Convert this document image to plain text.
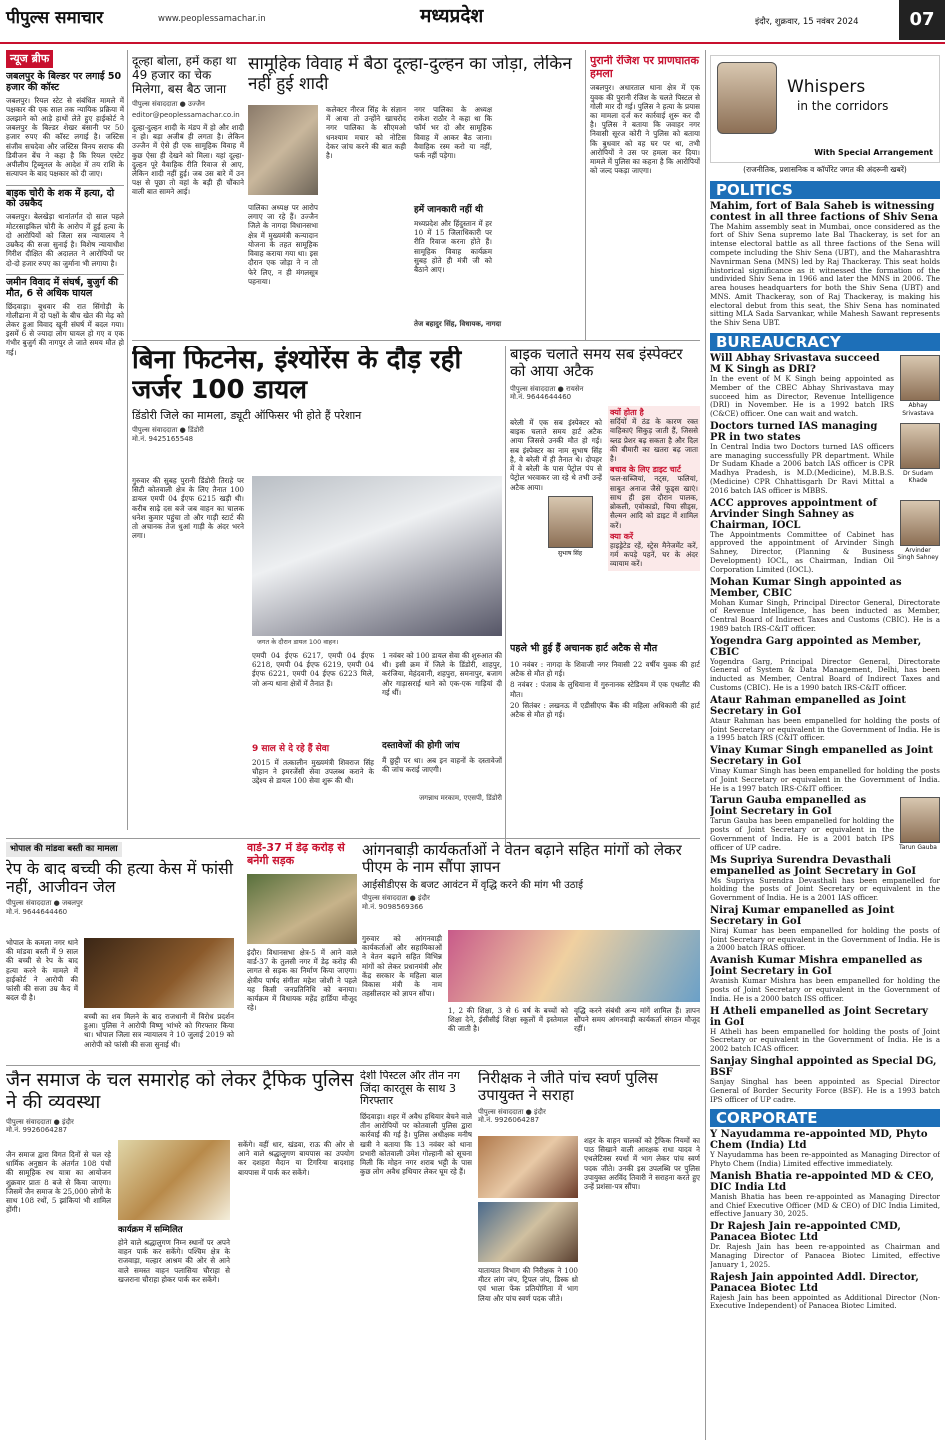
पीपुल्स समाचार	www.peoplessamachar.in	मध्यप्रदेश	इंदौर, शुक्रवार, 15 नवंबर 2024	07
न्यूज ब्रीफ
जबलपुर के बिल्डर पर लगाई 50 हजार की कॉस्ट
जबलपुर। रियल स्टेट से संबंधित मामले में पक्षकार की एक साल तक न्यायिक प्रक्रिया में उलझाने को आड़े हाथों लेते हुए हाईकोर्ट ने जबलपुर के बिल्डर शेखर बंसानी पर 50 हजार रुपए की कॉस्ट लगाई है। जस्टिस संजीव सचदेवा और जस्टिस विनय सराफ की डिवीजन बेंच ने कहा है कि रियल एस्टेट अपीलीय ट्रिब्यूनल के आदेश में तय राशि के सत्यापन के बाद पक्षकार को दी जाए।
बाइक चोरी के शक में हत्या, दो को उम्रकैद
जबलपुर। बेलखेड़ा थानांतर्गत दो साल पहले मोटरसाइकिल चोरी के आरोप में हुई हत्या के दो आरोपियों को जिला सत्र न्यायालय ने उम्रकैद की सजा सुनाई है। विशेष न्यायाधीश गिरीश दीक्षित की अदालत ने आरोपियों पर दो-दो हजार रुपए का जुर्माना भी लगाया है।
जमीन विवाद में संघर्ष, बुजुर्ग की मौत, 6 से अधिक घायल
छिंदवाड़ा। बुधवार की रात सिंगोड़ी के गोलीढाना में दो पक्षों के बीच खेत की मेढ़ को लेकर हुआ विवाद खूनी संघर्ष में बदल गया। इसमें 6 से ज्यादा लोग घायल हो गए व एक गंभीर बुजुर्ग की नागपुर ले जाते समय मौत हो गई।
दूल्हा बोला, हमें कहा था 49 हजार का चेक मिलेगा, बस बैठ जाना
पीपुल्स संवाददाता ● उज्जैन
editor@peoplessamachar.co.in
दूल्हा-दुल्हन शादी के मंडप में हो और शादी न हो। बड़ा अजीब ही लगता है। लेकिन उज्जैन में ऐसे ही एक सामूहिक विवाह में कुछ ऐसा ही देखने को मिला। यहां दूल्हा-दुल्हन पूरे वैवाहिक रीति रिवाज से आए, लेकिन शादी नहीं हुई। जब उस बारे में उन पक्ष से पूछा तो वहां के बड़ी ही चौंकाने वाली बात सामने आई।
सामूहिक विवाह में बैठा दूल्हा-दुल्हन का जोड़ा, लेकिन नहीं हुई शादी
पालिका अध्यक्ष पर आरोप लगाए जा रहे हैं। उज्जैन जिले के नागदा विधानसभा क्षेत्र में मुख्यमंत्री कन्यादान योजना के तहत सामूहिक विवाह कराया गया था। इस दौरान एक जोड़ा ने न तो फेरे लिए, न ही मंगलसूत्र पहनाया।
कलेक्टर नीरज सिंह के संज्ञान में आया तो उन्होंने खाचरोद नगर पालिका के सीएमओ धनश्याम मचार को नोटिस देकर जांच करने की बात कही है।
नगर पालिका के अध्यक्ष राकेश राठौर ने कहा था कि फॉर्म भर दो और सामूहिक विवाह में आकर बैठ जाना। वैवाहिक रस्म करो या नहीं, फर्क नहीं पड़ेगा।
हमें जानकारी नहीं थी
मध्यप्रदेश और हिंदुस्तान में हर 10 में 15 जिलाधिकारी पर रीति रिवाज करना होते हैं। सामूहिक विवाह कार्यक्रम सुबह होते ही मंत्री जी को बैठाने आए।
तेज बहादुर सिंह, विधायक, नागदा
पुरानी रंजिश पर प्राणघातक हमला
जबलपुर। अधारताल थाना क्षेत्र में एक युवक की पुरानी रंजिश के चलते पिस्टल से गोली मार दी गई। पुलिस ने हत्या के प्रयास का मामला दर्ज कर कार्रवाई शुरू कर दी है। पुलिस ने बताया कि जवाहर नगर निवासी सूरज कोरी ने पुलिस को बताया कि बुधवार को वह घर पर था, तभी आरोपियों ने उस पर हमला कर दिया। मामले में पुलिस का कहना है कि आरोपियों को जल्द पकड़ा जाएगा।
बिना फिटनेस, इंश्योरेंस के दौड़ रही जर्जर 100 डायल
डिंडोरी जिले का मामला, ड्यूटी ऑफिसर भी होते हैं परेशान
पीपुल्स संवाददाता ● डिंडोरी
मो.नं. 9425165548
जगत के दौरान डायल 100 वाहन।
गुरुवार की सुबह पुरानी डिंडोरी तिराहे पर सिटी कोतवाली क्षेत्र के लिए तैनात 100 डायल एमपी 04 ईएफ 6215 खड़ी थी। करीब साढ़े दस बजे जब वाहन का चालक धनेश कुमार पहुंचा तो और गाड़ी स्टार्ट की तो अचानक तेज धुआं गाड़ी के अंदर भरने लगा।
एमपी 04 ईएफ 6217, एमपी 04 ईएफ 6218, एमपी 04 ईएफ 6219, एमपी 04 ईएफ 6221, एमपी 04 ईएफ 6223 मिले, जो अन्य थाना क्षेत्रों में तैनात हैं।
9 साल से दे रहे हैं सेवा
2015 में तत्कालीन मुख्यमंत्री शिवराज सिंह चौहान ने इमरजेंसी सेवा उपलब्ध कराने के उद्देश्य से डायल 100 सेवा शुरू की थी।
1 नवंबर को 100 डायल सेवा की शुरुआत की थी। इसी क्रम में जिले के डिंडोरी, शाहपुर, करंजिया, मेहंदवानी, शहपुरा, समनापुर, बजाग और गाड़ासराई थाने को एक-एक गाड़ियां दी गई थीं।
दस्तावेजों की होगी जांच
मैं छुट्टी पर था। अब इन वाहनों के दस्तावेजों की जांच कराई जाएगी।
जगन्नाथ मरकाम, एएसपी, डिंडोरी
बाइक चलाते समय सब इंस्पेक्टर को आया अटैक
पीपुल्स संवाददाता ● रायसेन
मो.नं. 9644644460
बरेली में एक सब इंस्पेक्टर को बाइक चलाते समय हार्ट अटैक आया जिससे उनकी मौत हो गई। सब इंस्पेक्टर का नाम सुभाष सिंह है, वे बरेली में ही तैनात थे। दोपहर में वे बरेली के पास पेट्रोल पंप से पेट्रोल भरवाकर जा रहे थे तभी उन्हें अटैक आया।
सुभाष सिंह
क्यों होता है
सर्दियों में ठंड के कारण रक्त वाहिकाएं सिकुड़ जाती हैं, जिससे ब्लड प्रेशर बढ़ सकता है और दिल की बीमारी का खतरा बढ़ जाता है।
बचाव के लिए डाइट चार्ट
फल-सब्जियां, नट्स, फलियां, साबुत अनाज जैसे फूड्स खाएं। साथ ही इस दौरान पालक, ब्रोकली, एवोकाडो, चिया सीड्स, सैल्मन आदि को डाइट में शामिल करें।
क्या करें
हाइड्रेटेड रहें, स्ट्रेस मैनेजमेंट करें, गर्म कपड़े पहनें, घर के अंदर व्यायाम करें।
पहले भी हुई हैं अचानक हार्ट अटैक से मौत
10 नवंबर : नागदा के शिवाजी नगर निवासी 22 वर्षीय युवक की हार्ट अटैक से मौत हो गई।
8 नवंबर : पंजाब के लुधियाना में गुरुनानक स्टेडियम में एक एथलीट की मौत।
20 सितंबर : लखनऊ में एडीसीएफ बैंक की महिला अधिकारी की हार्ट अटैक से मौत हो गई।
भोपाल की मांडवा बस्ती का मामला
रेप के बाद बच्ची की हत्या केस में फांसी नहीं, आजीवन जेल
पीपुल्स संवाददाता ● जबलपुर
मो.नं. 9644644460
भोपाल के कमला नगर थाने की मांडवा बस्ती में 9 साल की बच्ची से रेप के बाद हत्या करने के मामले में हाईकोर्ट ने आरोपी की फांसी की सजा उम्र कैद में बदल दी है।
बच्ची का शव मिलने के बाद राजधानी में विरोध प्रदर्शन हुआ। पुलिस ने आरोपी विष्णु भांभरे को गिरफ्तार किया था। भोपाल जिला सत्र न्यायालय ने 10 जुलाई 2019 को आरोपी को फांसी की सजा सुनाई थी।
वार्ड-37 में डेढ़ करोड़ से बनेगी सड़क
इंदौर। विधानसभा क्षेत्र-5 में आने वाले वार्ड-37 के तुलसी नगर में डेढ़ करोड़ की लागत से सड़क का निर्माण किया जाएगा। क्षेत्रीय पार्षद संगीता महेश जोशी ने पहले यह किसी जनप्रतिनिधि को बनाया। कार्यक्रम में विधायक महेंद्र हार्डिया मौजूद रहे।
आंगनबाड़ी कार्यकर्ताओं ने वेतन बढ़ाने सहित मांगों को लेकर पीएम के नाम सौंपा ज्ञापन
आईसीडीएस के बजट आवंटन में वृद्धि करने की मांग भी उठाई
पीपुल्स संवाददाता ● इंदौर
मो.नं. 9098569366
गुरुवार को आंगनवाड़ी कार्यकर्ताओं और सहायिकाओं ने वेतन बढ़ाने सहित विभिन्न मांगों को लेकर प्रधानमंत्री और केंद्र सरकार के महिला बाल विकास मंत्री के नाम तहसीलदार को ज्ञापन सौंपा।
1, 2 की शिक्षा, 3 से 6 वर्ष के बच्चों को शिक्षा देने, ईसीसीई शिक्षा स्कूलों में इस्तेमाल की जाती है।
वृद्धि करने संबंधी अन्य मांगें शामिल हैं। ज्ञापन सौंपने समय आंगनवाड़ी कार्यकर्ता संगठन मौजूद रहीं।
जैन समाज के चल समारोह को लेकर ट्रैफिक पुलिस ने की व्यवस्था
पीपुल्स संवाददाता ● इंदौर
मो.नं. 9926064287
जैन समाज द्वारा विगत दिनों से चल रहे धार्मिक अनुष्ठान के अंतर्गत 108 पंचों की सामूहिक रथ यात्रा का आयोजन शुक्रवार प्रातः 8 बजे से किया जाएगा। जिसमें जैन समाज के 25,000 लोगों के साथ 108 रथों, 5 झांकियां भी शामिल होंगी।
कार्यक्रम में सम्मिलित
होने वाले श्रद्धालुगण निम्न स्थानों पर अपने वाहन पार्क कर सकेंगे। पश्चिम क्षेत्र के राजवाड़ा, मल्हार आश्रम की ओर से आने वाले समस्त वाहन पलासिया चौराहा से खजराना चौराहा होकर पार्क कर सकेंगे।
सकेंगे। वहीं धार, खंडवा, राऊ की ओर से आने वाले श्रद्धालुगण बायपास का उपयोग कर दशहरा मैदान या टिगरिया बादशाह बायपास में पार्क कर सकेंगे।
देशी पिस्टल और तीन नग जिंदा कारतूस के साथ 3 गिरफ्तार
छिंदवाड़ा। शहर में अवैध हथियार बेचने वाले तीन आरोपियों पर कोतवाली पुलिस द्वारा कार्रवाई की गई है। पुलिस अधीक्षक मनीष खत्री ने बताया कि 13 नवंबर को थाना प्रभारी कोतवाली उमेश गोल्हानी को सूचना मिली कि मोहन नगर शराब भट्टी के पास कुछ लोग अवैध हथियार लेकर घूम रहे हैं।
निरीक्षक ने जीते पांच स्वर्ण पुलिस उपायुक्त ने सराहा
पीपुल्स संवाददाता ● इंदौर
मो.नं. 9926064287
शहर के वाहन चालकों को ट्रैफिक नियमों का पाठ सिखाने वाली आरक्षक राधा यादव ने एथलेटिक्स स्पर्धा में भाग लेकर पांच स्वर्ण पदक जीते। उनकी इस उपलब्धि पर पुलिस उपायुक्त अरविंद तिवारी ने सराहना करते हुए उन्हें प्रशंसा-पत्र सौंपा।
यातायात विभाग की निरीक्षक ने 100 मीटर लांग जंप, ट्रिपल जंप, डिस्क थ्रो एवं भाला फेंक प्रतियोगिता में भाग लिया और पांच स्वर्ण पदक जीते।
Whispers
in the corridors
With Special Arrangement
(राजनीतिक, प्रशासनिक व कॉर्पोरेट जगत की अंदरूनी खबरें)
POLITICS
Mahim, fort of Bala Saheb is witnessing contest in all three factions of Shiv Sena
The Mahim assembly seat in Mumbai, once considered as the fort of Shiv Sena supremo late Bal Thackeray, is set for an intense electoral battle as all three factions of the Sena will compete including the Shiv Sena (UBT), and the Maharashtra Navnirman Sena (MNS) led by Raj Thackeray. This seat holds historical significance as it witnessed the formation of the undivided Shiv Sena in 1966 and later the MNS in 2006. The area houses headquarters for both the Shiv Sena (UBT) and MNS. Amit Thackeray, son of Raj Thackeray, is making his electoral debut from this seat, the Shiv Sena has nominated sitting MLA Sada Sarvankar, while Mahesh Sawant represents the Shiv Sena UBT.
BUREAUCRACY
Abhay Srivastava
Will Abhay Srivastava succeed M K Singh as DRI?
In the event of M K Singh being appointed as Member of the CBEC Abhay Shrivastava may succeed him as Director, Revenue Intelligence (DRI) in November. He is a 1992 batch IRS (C&CE) officer. One can wait and watch.
Dr Sudam Khade
Doctors turned IAS managing PR in two states
In Central India two Doctors turned IAS officers are managing successfully PR department. While Dr Sudam Khade a 2006 batch IAS officer is CPR Madhya Pradesh, is M.D.(Medicine), M.B.B.S.(Medicine) CPR Chhattisgarh Dr Ravi Mittal a 2016 batch IAS officer is MBBS.
Arvinder Singh Sahney
ACC approves appointment of Arvinder Singh Sahney as Chairman, IOCL
The Appointments Committee of Cabinet has approved the appointment of Arvinder Singh Sahney, Director, (Planning & Business Development) IOCL, as Chairman, Indian Oil Corporation Limited (IOCL).
Mohan Kumar Singh appointed as Member, CBIC
Mohan Kumar Singh, Principal Director General, Directorate of Revenue Intelligence, has been inducted as Member, Central Board of Indirect Taxes and Customs (CBIC). He is a 1989 batch IRS-C&IT officer.
Yogendra Garg appointed as Member, CBIC
Yogendra Garg, Principal Director General, Directorate General of System & Data Management, Delhi, has been inducted as Member, Central Board of Indirect Taxes and Customs (CBIC). He is a 1990 batch IRS-C&IT officer.
Ataur Rahman empanelled as Joint Secretary in GoI
Ataur Rahman has been empanelled for holding the posts of Joint Secretary or equivalent in the Government of India. He is a 1995 batch IRS (C&IT officer.
Vinay Kumar Singh empanelled as Joint Secretary in GoI
Vinay Kumar Singh has been empanelled for holding the posts of Joint Secretary or equivalent in the Government of India. He is a 1997 batch IRS-C&IT officer.
Tarun Gauba
Tarun Gauba empanelled as Joint Secretary in GoI
Tarun Gauba has been empanelled for holding the posts of Joint Secretary or equivalent in the Government of India. He is a 2001 batch IPS officer of UP cadre.
Ms Supriya Surendra Devasthali empanelled as Joint Secretary in GoI
Ms Supriya Surendra Devasthali has been empanelled for holding the posts of Joint Secretary or equivalent in the Government of India. He is a 2001 IAS officer.
Niraj Kumar empanelled as Joint Secretary in GoI
Niraj Kumar has been empanelled for holding the posts of Joint Secretary or equivalent in the Government of India. He is a 2000 batch IRAS officer.
Avanish Kumar Mishra empanelled as Joint Secretary in GoI
Avanish Kumar Mishra has been empanelled for holding the posts of Joint Secretary or equivalent in the Government of India. He is a 2000 batch ISS officer.
H Atheli empanelled as Joint Secretary in GoI
H Atheli has been empanelled for holding the posts of Joint Secretary or equivalent in the Government of India. He is a 2002 batch ICAS officer.
Sanjay Singhal appointed as Special DG, BSF
Sanjay Singhal has been appointed as Special Director General of Border Security Force (BSF). He is a 1993 batch IPS officer of UP cadre.
CORPORATE
Y Nayudamma re-appointed MD, Phyto Chem (India) Ltd
Y Nayudamma has been re-appointed as Managing Director of Phyto Chem (India) Limited effective immediately.
Manish Bhatia re-appointed MD & CEO, DIC India Ltd
Manish Bhatia has been re-appointed as Managing Director and Chief Executive Officer (MD & CEO) of DIC India Limited, effective January 30, 2025.
Dr Rajesh Jain re-appointed CMD, Panacea Biotec Ltd
Dr. Rajesh Jain has been re-appointed as Chairman and Managing Director of Panacea Biotec Limited, effective January 1, 2025.
Rajesh Jain appointed Addl. Director, Panacea Biotec Ltd
Rajesh Jain has been appointed as Additional Director (Non-Executive Independent) of Panacea Biotec Limited.
